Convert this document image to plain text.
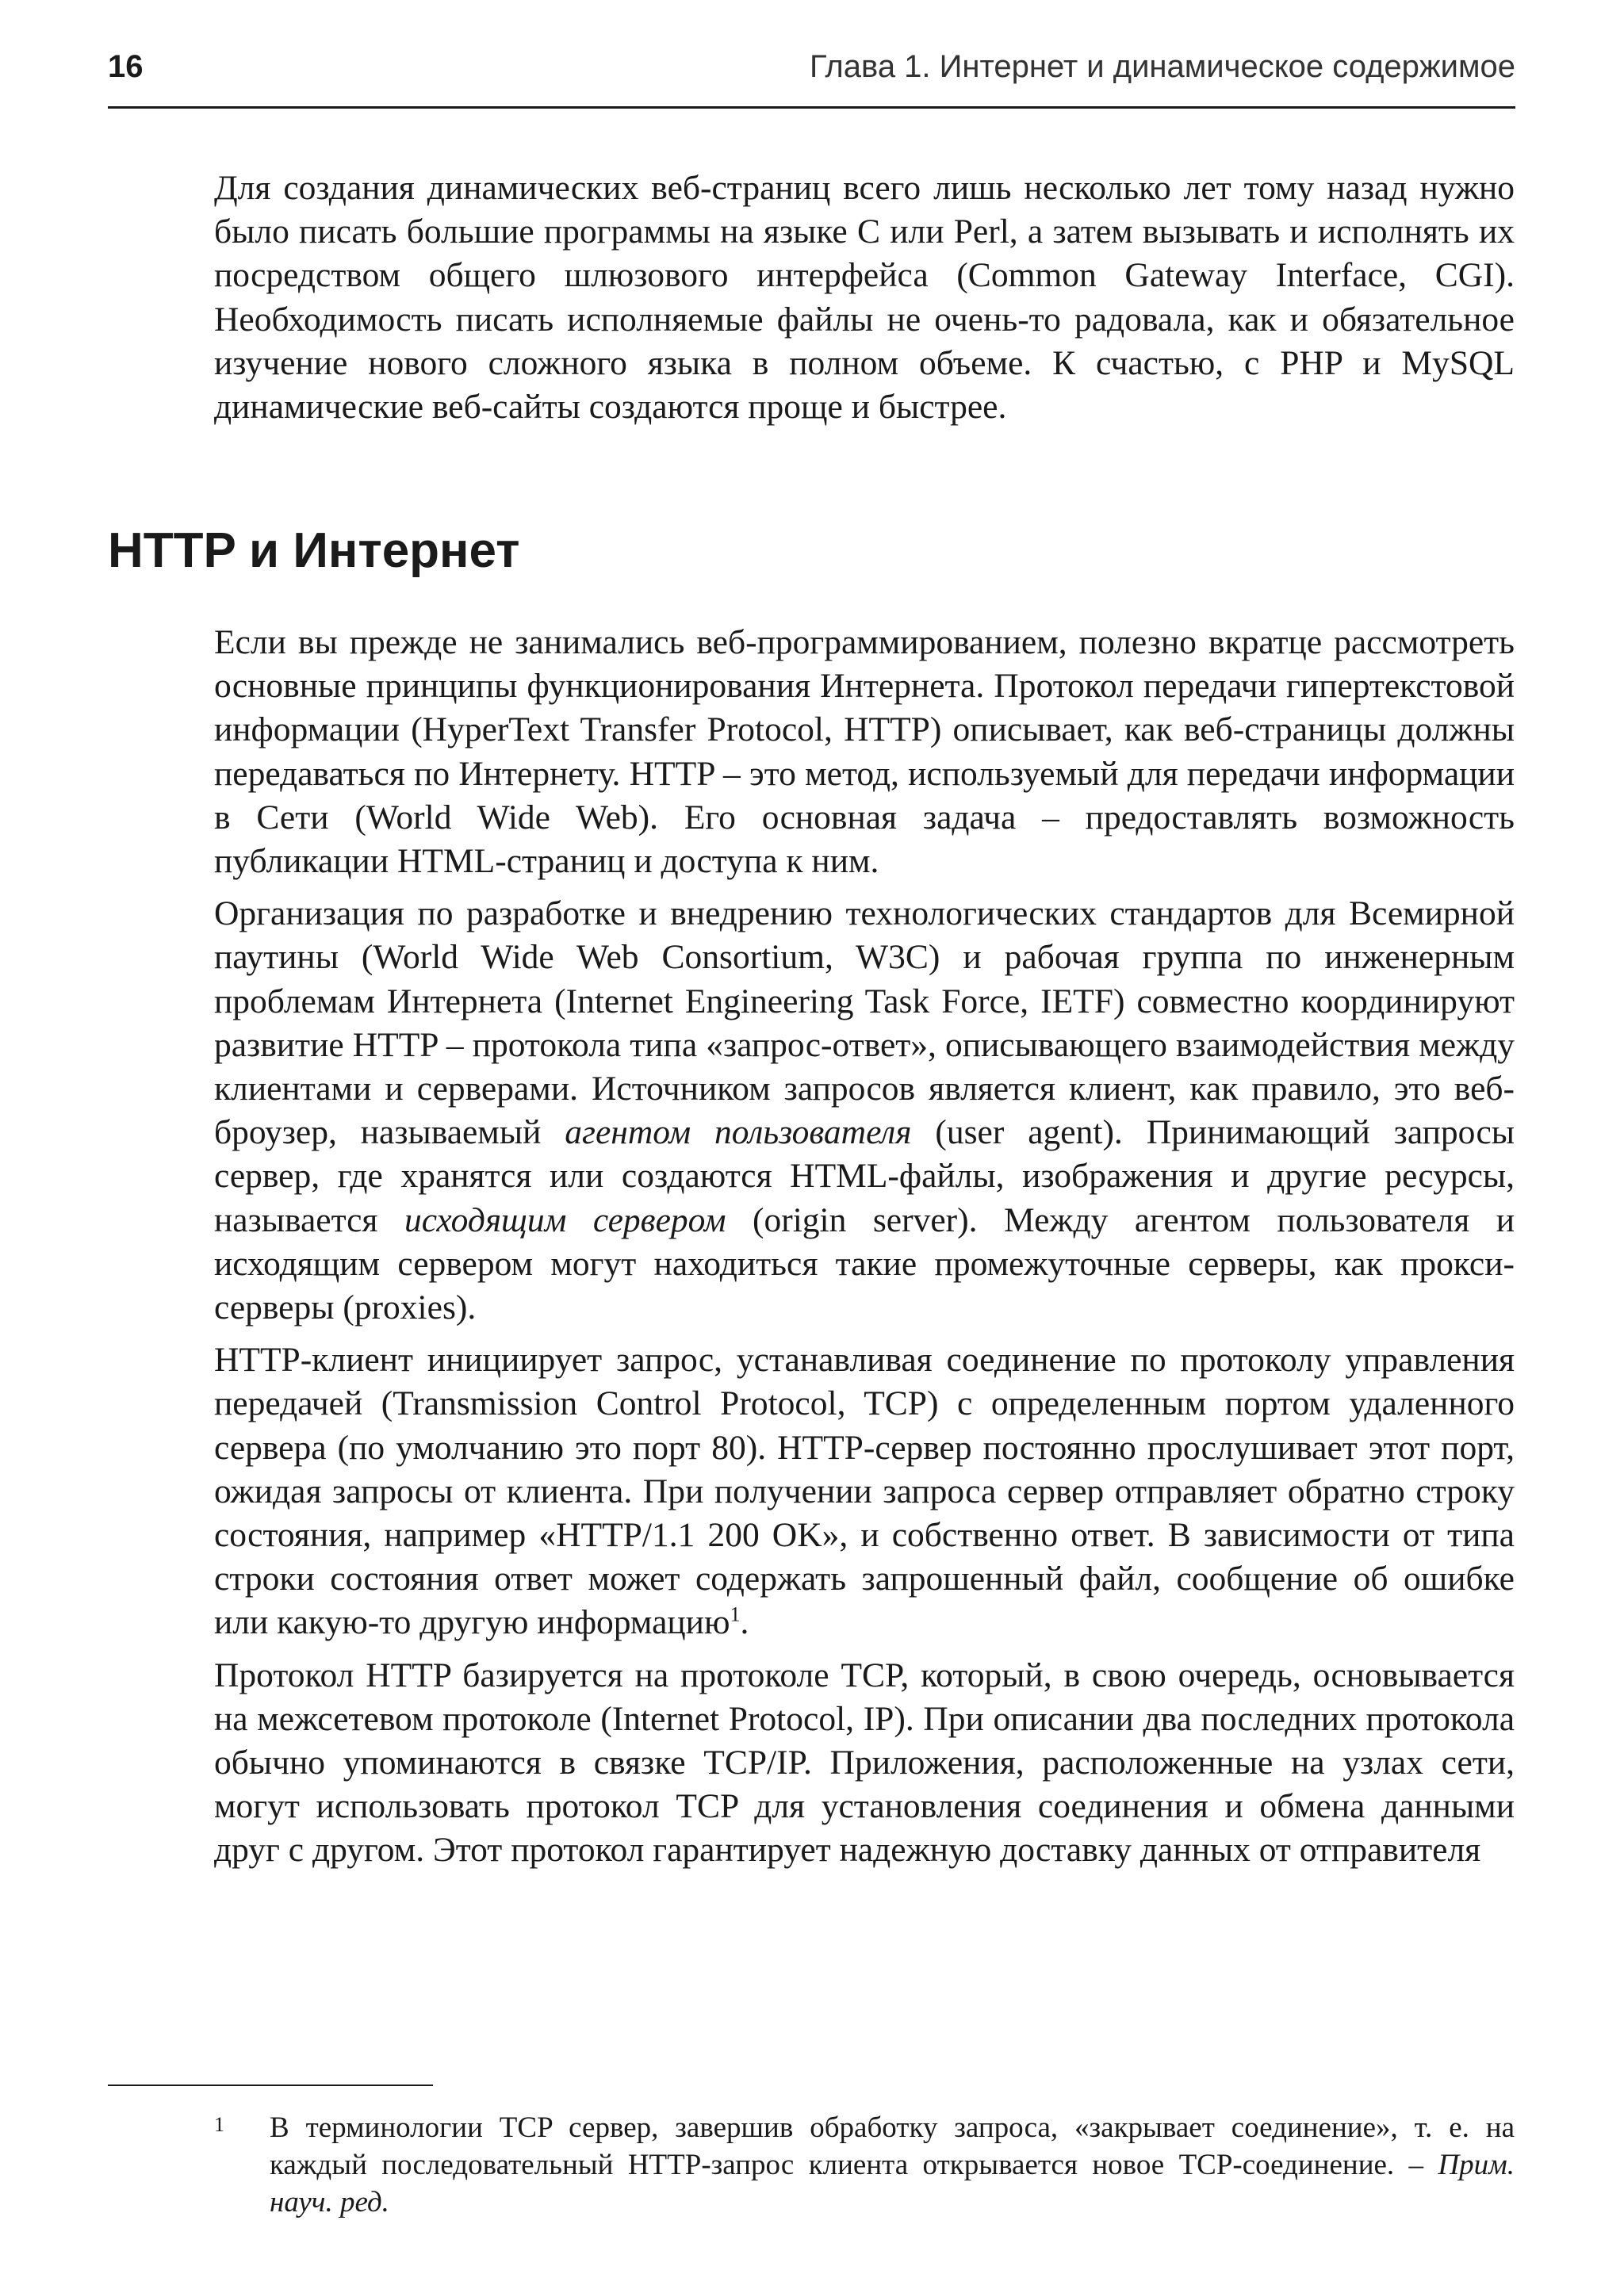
16	Глава 1. Интернет и динамическое содержимое

Для создания динамических веб-страниц всего лишь несколько лет тому назад нужно было писать большие программы на языке C или Perl, а затем вызывать и исполнять их посредством общего шлюзового интерфейса (Common Gateway Interface, CGI). Необходимость писать исполняемые файлы не очень-то радовала, как и обязательное изучение нового сложного языка в полном объеме. К счастью, с PHP и MySQL динамические веб-сайты создаются проще и быстрее.

HTTP и Интернет

Если вы прежде не занимались веб-программированием, полезно вкратце рассмотреть основные принципы функционирования Интернета. Протокол передачи гипертекстовой информации (HyperText Transfer Protocol, HTTP) описывает, как веб-страницы должны передаваться по Интернету. HTTP – это метод, используемый для передачи информации в Сети (World Wide Web). Его основная задача – предоставлять возможность публикации HTML-страниц и доступа к ним.

Организация по разработке и внедрению технологических стандартов для Всемирной паутины (World Wide Web Consortium, W3C) и рабочая группа по инженерным проблемам Интернета (Internet Engineering Task Force, IETF) совместно координируют развитие HTTP – протокола типа «запрос-ответ», описывающего взаимодействия между клиентами и серверами. Источником запросов является клиент, как правило, это веб-броузер, называемый агентом пользователя (user agent). Принимающий запросы сервер, где хранятся или создаются HTML-файлы, изображения и другие ресурсы, называется исходящим сервером (origin server). Между агентом пользователя и исходящим сервером могут находиться такие промежуточные серверы, как прокси-серверы (proxies).

HTTP-клиент инициирует запрос, устанавливая соединение по протоколу управления передачей (Transmission Control Protocol, TCP) с определенным портом удаленного сервера (по умолчанию это порт 80). HTTP-сервер постоянно прослушивает этот порт, ожидая запросы от клиента. При получении запроса сервер отправляет обратно строку состояния, например «HTTP/1.1 200 OK», и собственно ответ. В зависимости от типа строки состояния ответ может содержать запрошенный файл, сообщение об ошибке или какую-то другую информацию$^1$.

Протокол HTTP базируется на протоколе TCP, который, в свою очередь, основывается на межсетевом протоколе (Internet Protocol, IP). При описании два последних протокола обычно упоминаются в связке TCP/IP. Приложения, расположенные на узлах сети, могут использовать протокол TCP для установления соединения и обмена данными друг с другом. Этот протокол гарантирует надежную доставку данных от отправителя

1 В терминологии TCP сервер, завершив обработку запроса, «закрывает соединение», т. е. на каждый последовательный HTTP-запрос клиента открывается новое TCP-соединение. – Прим. науч. ред.
